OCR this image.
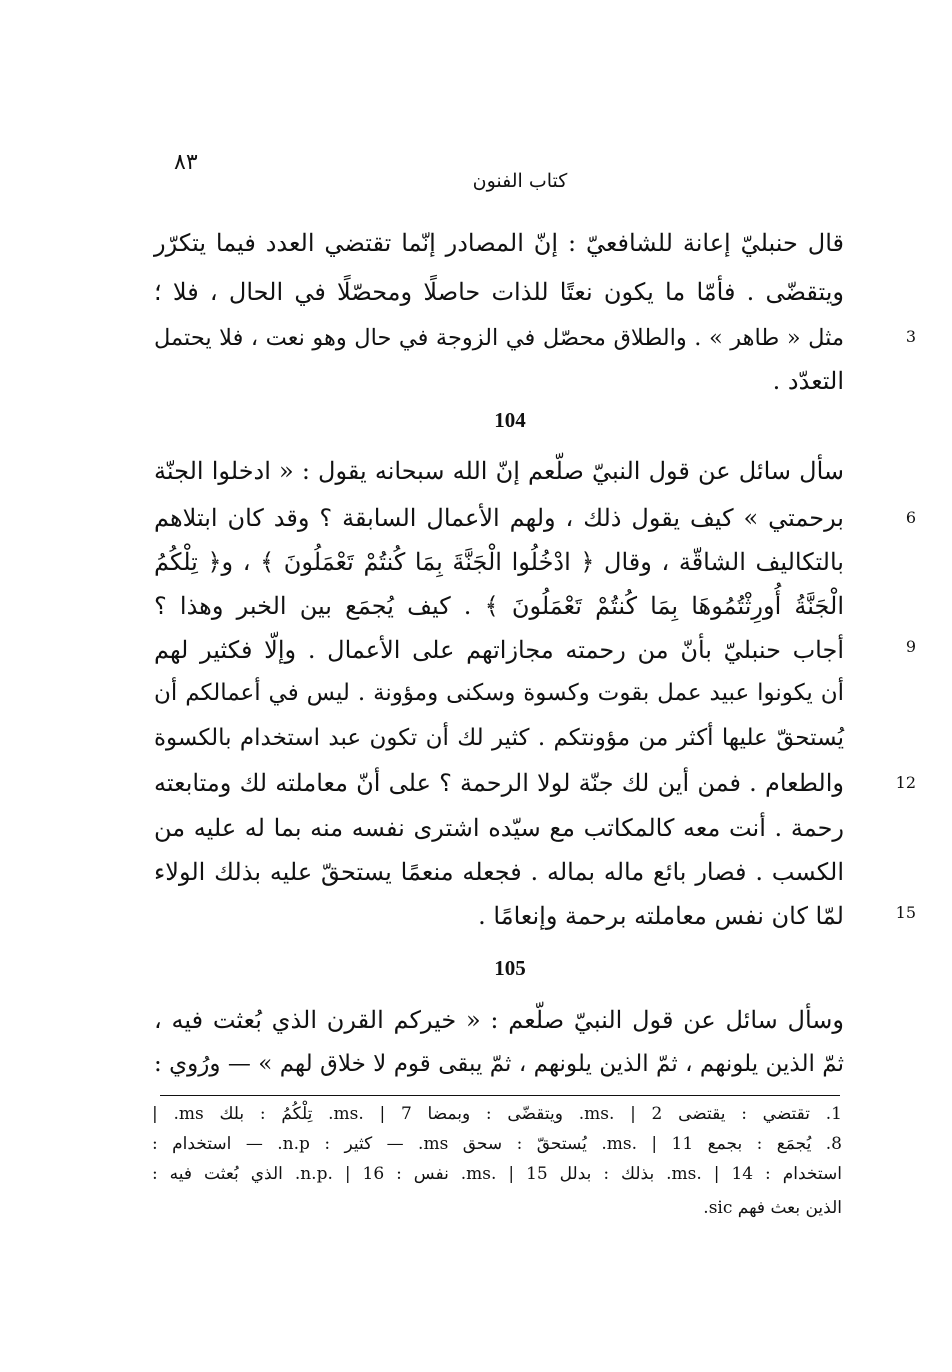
٨٣
كتاب الفنون
قال حنبليّ إعانة للشافعيّ : إنّ المصادر إنّما تقتضي العدد فيما يتكرّر
ويتقضّى . فأمّا ما يكون نعتًا للذات حاصلًا ومحصّلًا في الحال ، فلا ؛
مثل « طاهر » . والطلاق محصّل في الزوجة في حال وهو نعت ، فلا يحتمل	3
التعدّد .
104
سأل سائل عن قول النبيّ صلّعم إنّ الله سبحانه يقول : « ادخلوا الجنّة
برحمتي » كيف يقول ذلك ، ولهم الأعمال السابقة ؟ وقد كان ابتلاهم	6
بالتكاليف الشاقّة ، وقال ﴿ ادْخُلُوا الْجَنَّةَ بِمَا كُنتُمْ تَعْمَلُونَ ﴾ ، و﴿ تِلْكُمُ
الْجَنَّةُ أُورِثْتُمُوهَا بِمَا كُنتُمْ تَعْمَلُونَ ﴾ . كيف يُجمَع بين الخبر وهذا ؟
أجاب حنبليّ بأنّ من رحمته مجازاتهم على الأعمال . وإلّا فكثير لهم	9
أن يكونوا عبيد عمل بقوت وكسوة وسكنى ومؤونة . ليس في أعمالكم أن
يُستحقّ عليها أكثر من مؤونتكم . كثير لك أن تكون عبد استخدام بالكسوة
والطعام . فمن أين لك جنّة لولا الرحمة ؟ على أنّ معاملته لك ومتابعته	12
رحمة . أنت معه كالمكاتب مع سيّده اشترى نفسه منه بما له عليه من
الكسب . فصار بائع ماله بماله . فجعله منعمًا يستحقّ عليه بذلك الولاء
لمّا كان نفس معاملته برحمة وإنعامًا .	15
105
وسأل سائل عن قول النبيّ صلّعم : « خيركم القرن الذي بُعثت فيه ،
ثمّ الذين يلونهم ، ثمّ الذين يلونهم ، ثمّ يبقى قوم لا خلاق لهم » — ورُوي :
1. تقتضي : يقتضى ms. | 2. ويتقضّى : وبمضا ms. | 7. تِلْكُمُ : بلك ms. |
8. يُجمَع : بجمع ms. | 11. يُستحقّ : سحق ms. — كثير : n.p. — استخدام :
استخدام : ms. | 14. بذلك : بدلل ms. | 15. نفس : n.p. | 16. الذي بُعثت فيه :
الذين بعث فهم sic.
